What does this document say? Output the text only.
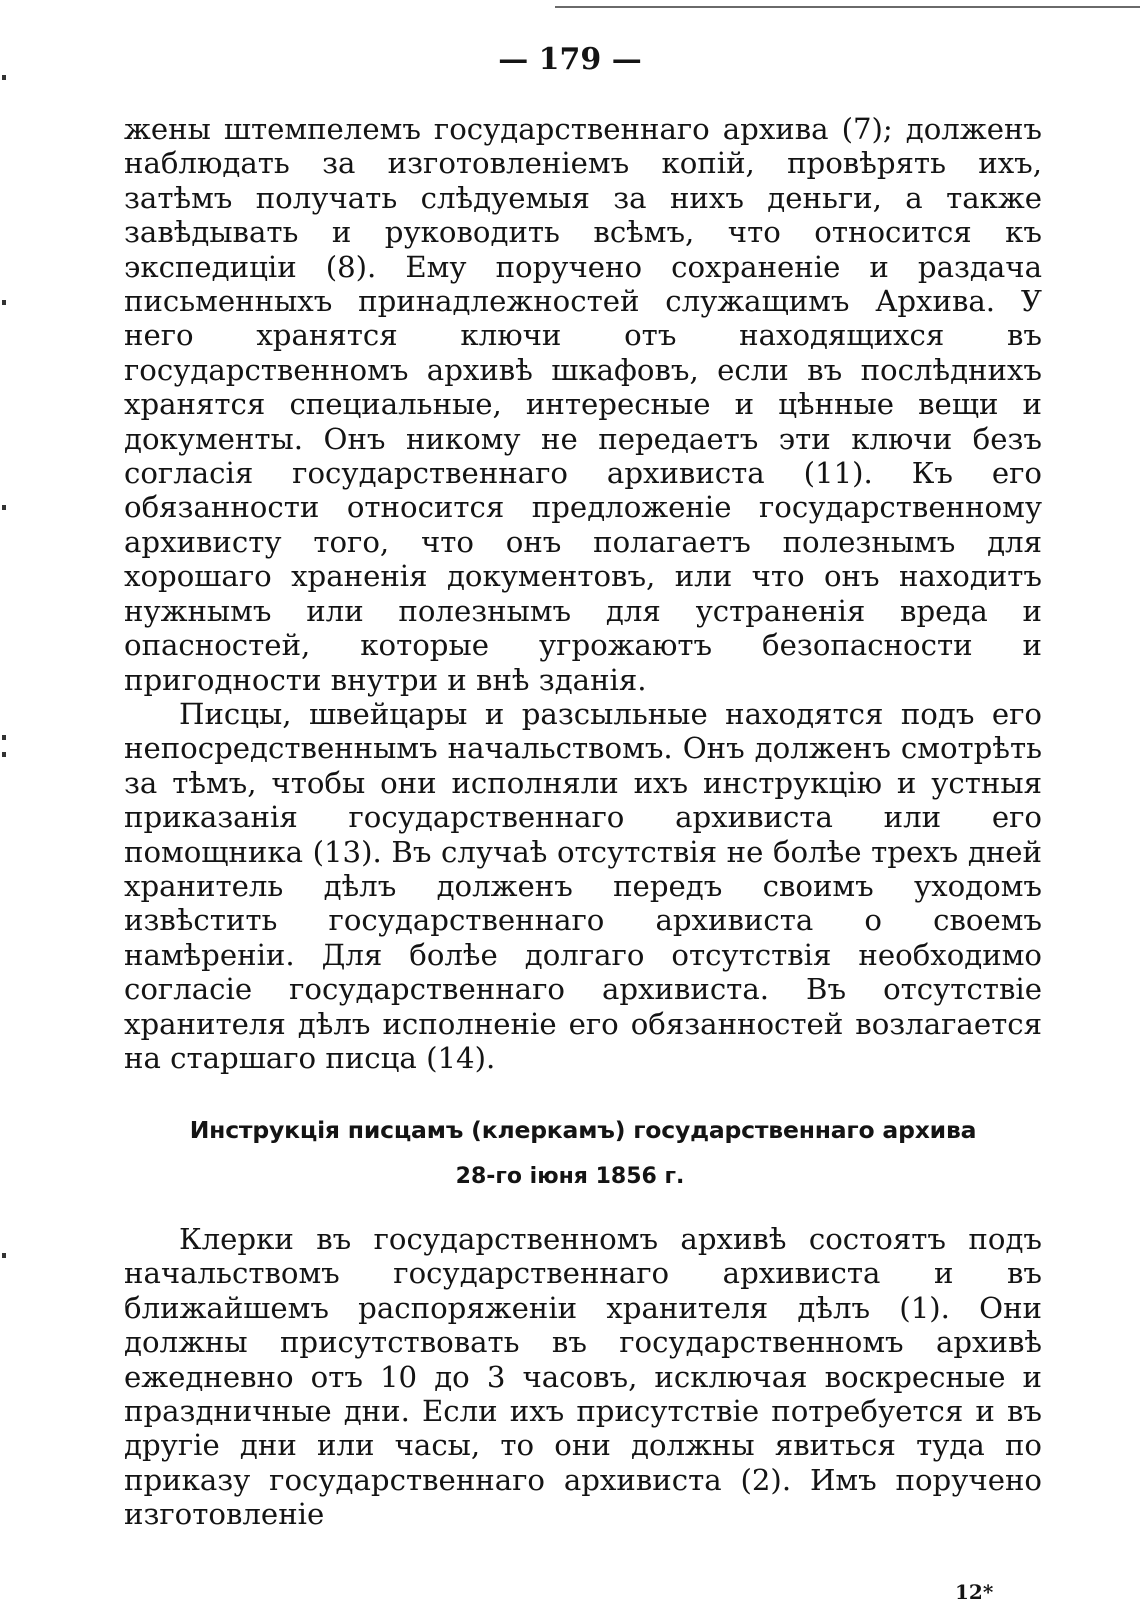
— 179 —

жены штемпелемъ государственнаго архива (7); долженъ наблюдать за изготовленіемъ копій, провѣрять ихъ, затѣмъ получать слѣдуемыя за нихъ деньги, а также завѣдывать и руководить всѣмъ, что относится къ экспедиціи (8). Ему поручено сохраненіе и раздача письменныхъ принадлежностей служащимъ Архива. У него хранятся ключи отъ находящихся въ государственномъ архивѣ шкафовъ, если въ послѣднихъ хранятся специальные, интересные и цѣнные вещи и документы. Онъ никому не передаетъ эти ключи безъ согласія государственнаго архивиста (11). Къ его обязанности относится предложеніе государственному архивисту того, что онъ полагаетъ полезнымъ для хорошаго храненія документовъ, или что онъ находитъ нужнымъ или полезнымъ для устраненія вреда и опасностей, которые угрожаютъ безопасности и пригодности внутри и внѣ зданія.

Писцы, швейцары и разсыльные находятся подъ его непосредственнымъ начальствомъ. Онъ долженъ смотрѣть за тѣмъ, чтобы они исполняли ихъ инструкцію и устныя приказанія государственнаго архивиста или его помощника (13). Въ случаѣ отсутствія не болѣе трехъ дней хранитель дѣлъ долженъ передъ своимъ уходомъ извѣстить государственнаго архивиста о своемъ намѣреніи. Для болѣе долгаго отсутствія необходимо согласіе государственнаго архивиста. Въ отсутствіе хранителя дѣлъ исполненіе его обязанностей возлагается на старшаго писца (14).

Инструкція писцамъ (клеркамъ) государственнаго архива
28-го іюня 1856 г.

Клерки въ государственномъ архивѣ состоятъ подъ начальствомъ государственнаго архивиста и въ ближайшемъ распоряженіи хранителя дѣлъ (1). Они должны присутствовать въ государственномъ архивѣ ежедневно отъ 10 до 3 часовъ, исключая воскресные и праздничные дни. Если ихъ присутствіе потребуется и въ другіе дни или часы, то они должны явиться туда по приказу государственнаго архивиста (2). Имъ поручено изготовленіе

12*
